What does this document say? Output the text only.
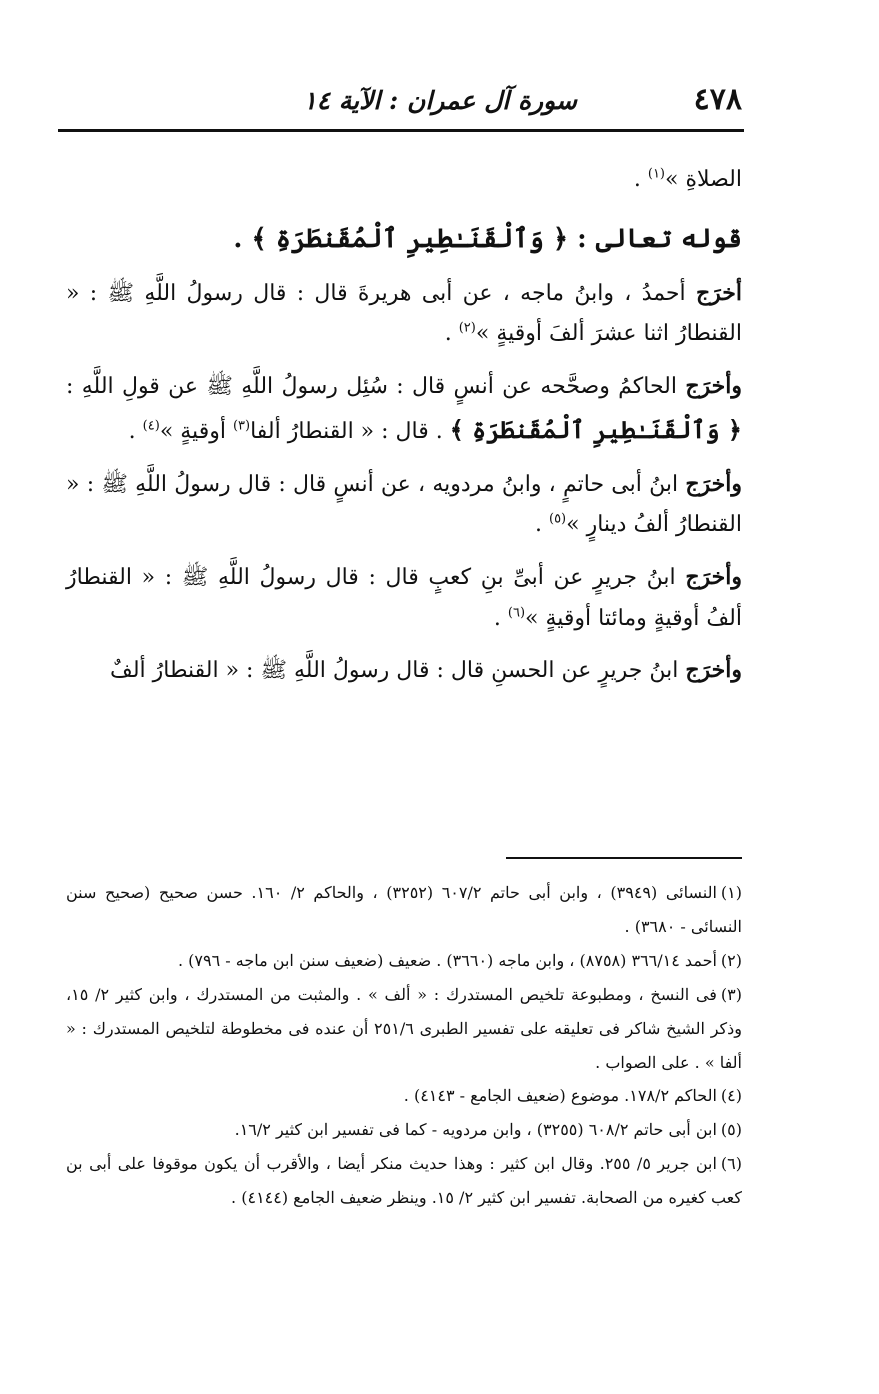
٤٧٨
سورة آل عمران : الآية ١٤

الصلاةِ »$^{(١)}$ .

قوله تعالى : ﴿ وَٱلْقَنَـٰطِيرِ ٱلْمُقَنطَرَةِ ﴾ .

أخرَج أحمدُ ، وابنُ ماجه ، عن أبى هريرةَ قال : قال رسولُ اللَّهِ ﷺ : « القنطارُ اثنا عشرَ ألفَ أوقيةٍ »$^{(٢)}$ .

وأخرَج الحاكمُ وصحَّحه عن أنسٍ قال : سُئِل رسولُ اللَّهِ ﷺ عن قولِ اللَّهِ : ﴿ وَٱلْقَنَـٰطِيرِ ٱلْمُقَنطَرَةِ ﴾ . قال : « القنطارُ ألفا$^{(٣)}$ أوقيةٍ »$^{(٤)}$ .

وأخرَج ابنُ أبى حاتمٍ ، وابنُ مردويه ، عن أنسٍ قال : قال رسولُ اللَّهِ ﷺ : « القنطارُ ألفُ دينارٍ »$^{(٥)}$ .

وأخرَج ابنُ جريرٍ عن أبىِّ بنِ كعبٍ قال : قال رسولُ اللَّهِ ﷺ : « القنطارُ ألفُ أوقيةٍ ومائتا أوقيةٍ »$^{(٦)}$ .

وأخرَج ابنُ جريرٍ عن الحسنِ قال : قال رسولُ اللَّهِ ﷺ : « القنطارُ ألفٌ

(١)النسائى (٣٩٤٩) ، وابن أبى حاتم ٦٠٧/٢ (٣٢٥٢) ، والحاكم ٢/ ١٦٠. حسن صحيح (صحيح سنن النسائى - ٣٦٨٠) .

(٢)أحمد ٣٦٦/١٤ (٨٧٥٨) ، وابن ماجه (٣٦٦٠) . ضعيف (ضعيف سنن ابن ماجه - ٧٩٦) .

(٣)فى النسخ ، ومطبوعة تلخيص المستدرك : « ألف » . والمثبت من المستدرك ، وابن كثير ٢/ ١٥، وذكر الشيخ شاكر فى تعليقه على تفسير الطبرى ٢٥١/٦ أن عنده فى مخطوطة لتلخيص المستدرك : « ألفا » . على الصواب .

(٤)الحاكم ١٧٨/٢. موضوع (ضعيف الجامع - ٤١٤٣) .

(٥)ابن أبى حاتم ٦٠٨/٢ (٣٢٥٥) ، وابن مردويه - كما فى تفسير ابن كثير ١٦/٢.

(٦)ابن جرير ٥/ ٢٥٥. وقال ابن كثير : وهذا حديث منكر أيضا ، والأقرب أن يكون موقوفا على أبى بن كعب كغيره من الصحابة. تفسير ابن كثير ٢/ ١٥. وينظر ضعيف الجامع (٤١٤٤) .
